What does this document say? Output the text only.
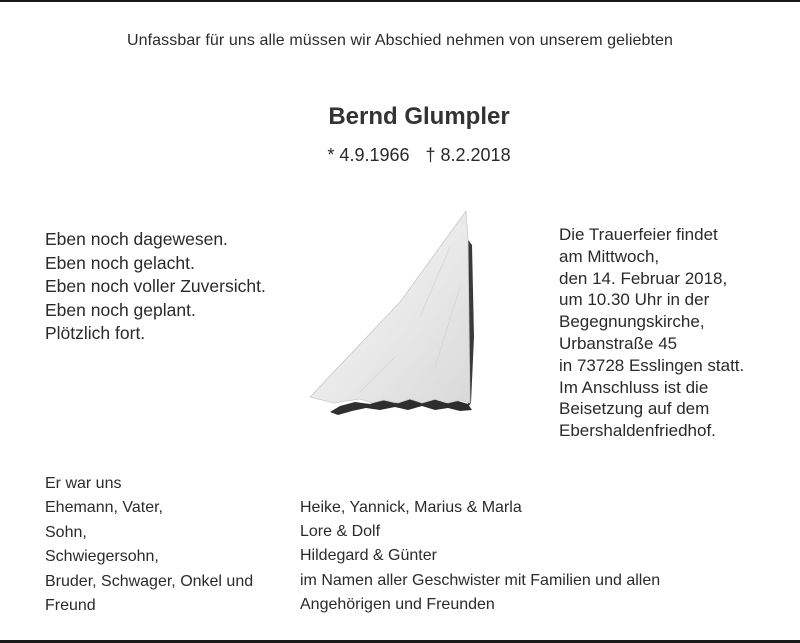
Unfassbar für uns alle müssen wir Abschied nehmen von unserem geliebten
Bernd Glumpler
* 4.9.1966 † 8.2.2018
Eben noch dagewesen.
Eben noch gelacht.
Eben noch voller Zuversicht.
Eben noch geplant.
Plötzlich fort.
Die Trauerfeier findet
am Mittwoch,
den 14. Februar 2018,
um 10.30 Uhr in der
Begegnungskirche,
Urbanstraße 45
in 73728 Esslingen statt.
Im Anschluss ist die
Beisetzung auf dem
Ebershaldenfriedhof.
Er war uns
Ehemann, Vater,
Sohn,
Schwiegersohn,
Bruder, Schwager, Onkel und
Freund
Heike, Yannick, Marius & Marla
Lore & Dolf
Hildegard & Günter
im Namen aller Geschwister mit Familien und allen
Angehörigen und Freunden
